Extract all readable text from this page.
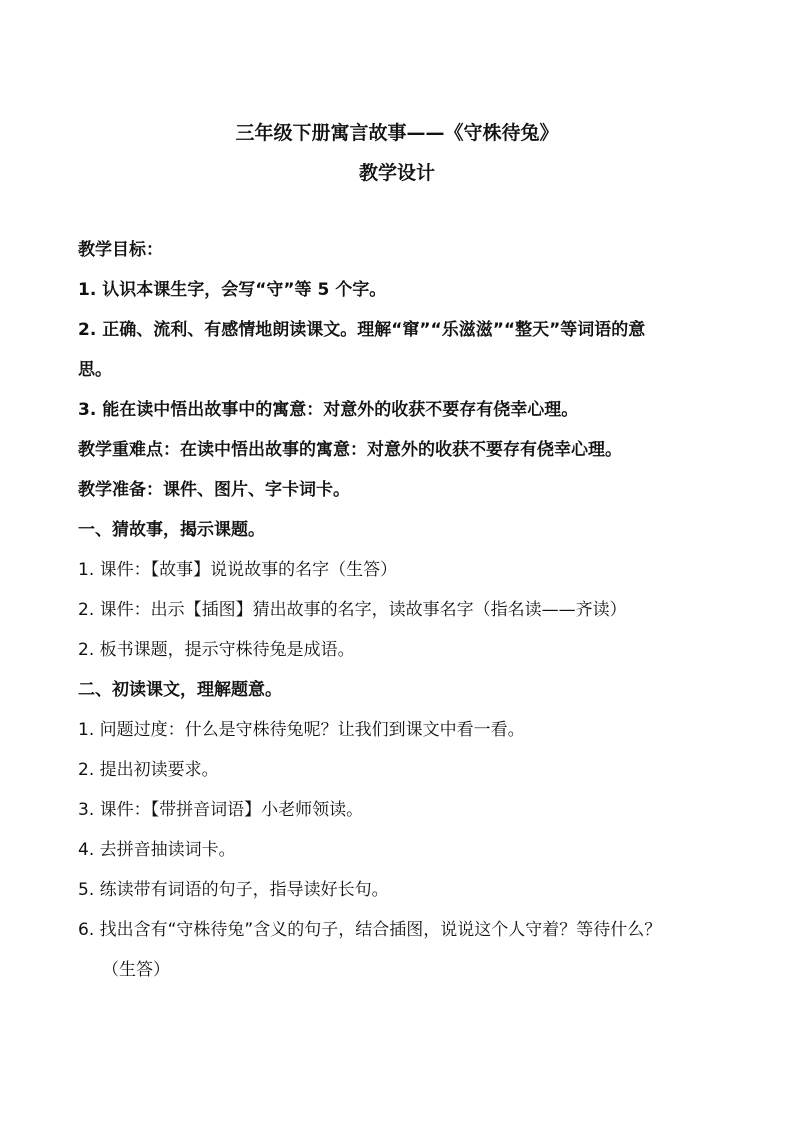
三年级下册寓言故事——《守株待兔》
教学设计
教学目标：
1. 认识本课生字，会写“守”等 5 个字。
2. 正确、流利、有感情地朗读课文。理解“窜”“乐滋滋”“整天”等词语的意
思。
3. 能在读中悟出故事中的寓意：对意外的收获不要存有侥幸心理。
教学重难点：在读中悟出故事的寓意：对意外的收获不要存有侥幸心理。
教学准备：课件、图片、字卡词卡。
一、猜故事，揭示课题。
1. 课件：【故事】说说故事的名字（生答）
2. 课件：出示【插图】猜出故事的名字，读故事名字（指名读——齐读）
2. 板书课题，提示守株待兔是成语。
二、初读课文，理解题意。
1. 问题过度：什么是守株待兔呢？让我们到课文中看一看。
2. 提出初读要求。
3. 课件：【带拼音词语】小老师领读。
4. 去拼音抽读词卡。
5. 练读带有词语的句子，指导读好长句。
6. 找出含有“守株待兔”含义的句子，结合插图，说说这个人守着？等待什么？
（生答）
